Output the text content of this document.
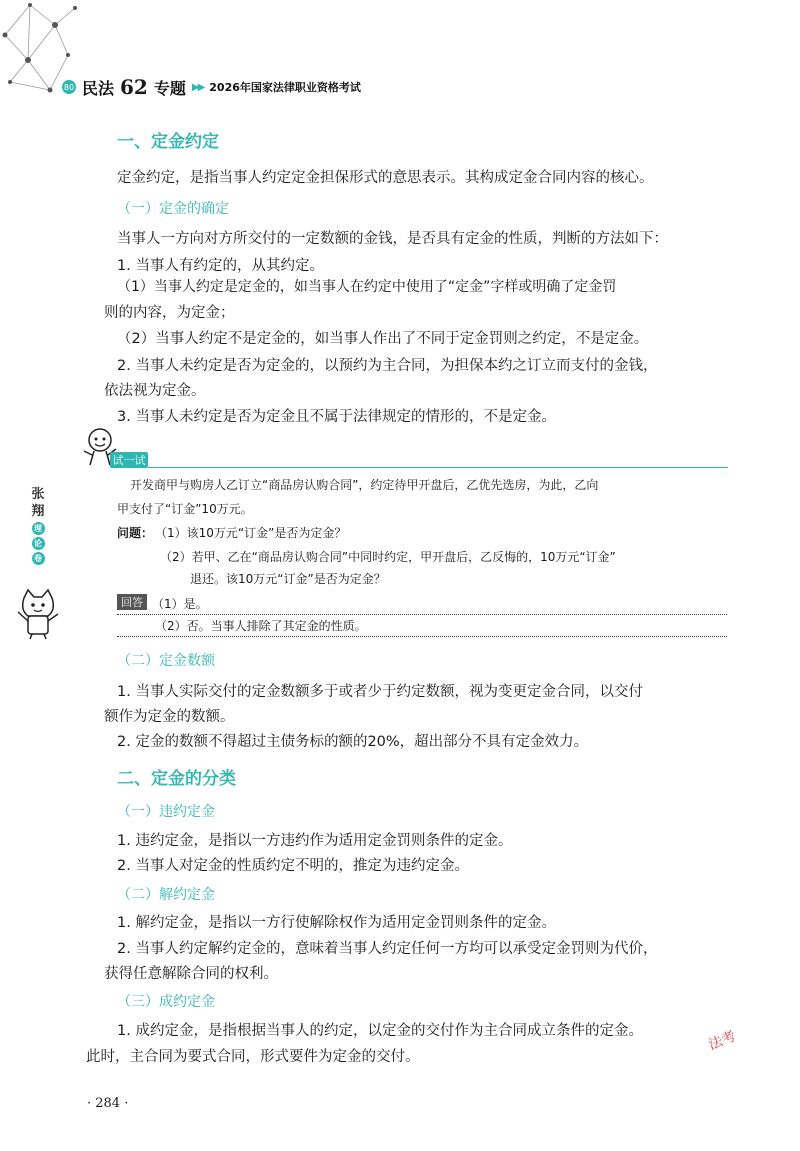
80 民法 62 专题 ▶▶ 2026年国家法律职业资格考试
一、定金约定
定金约定，是指当事人约定定金担保形式的意思表示。其构成定金合同内容的核心。
（一）定金的确定
当事人一方向对方所交付的一定数额的金钱，是否具有定金的性质，判断的方法如下：
1. 当事人有约定的，从其约定。
（1）当事人约定是定金的，如当事人在约定中使用了“定金”字样或明确了定金罚
则的内容，为定金；
（2）当事人约定不是定金的，如当事人作出了不同于定金罚则之约定，不是定金。
2. 当事人未约定是否为定金的，以预约为主合同，为担保本约之订立而支付的金钱，
依法视为定金。
3. 当事人未约定是否为定金且不属于法律规定的情形的，不是定金。
试一试
开发商甲与购房人乙订立“商品房认购合同”，约定待甲开盘后，乙优先选房，为此，乙向
甲支付了“订金”10万元。
问题： （1）该10万元“订金”是否为定金？
（2）若甲、乙在“商品房认购合同”中同时约定，甲开盘后，乙反悔的，10万元“订金”
退还。该10万元“订金”是否为定金？
回答 （1）是。
（2）否。当事人排除了其定金的性质。
张
翔
理
论
卷
（二）定金数额
1. 当事人实际交付的定金数额多于或者少于约定数额，视为变更定金合同，以交付
额作为定金的数额。
2. 定金的数额不得超过主债务标的额的20%，超出部分不具有定金效力。
二、定金的分类
（一）违约定金
1. 违约定金，是指以一方违约作为适用定金罚则条件的定金。
2. 当事人对定金的性质约定不明的，推定为违约定金。
（二）解约定金
1. 解约定金，是指以一方行使解除权作为适用定金罚则条件的定金。
2. 当事人约定解约定金的，意味着当事人约定任何一方均可以承受定金罚则为代价，
获得任意解除合同的权利。
（三）成约定金
1. 成约定金，是指根据当事人的约定，以定金的交付作为主合同成立条件的定金。
此时，主合同为要式合同，形式要件为定金的交付。
· 284 ·
法考
